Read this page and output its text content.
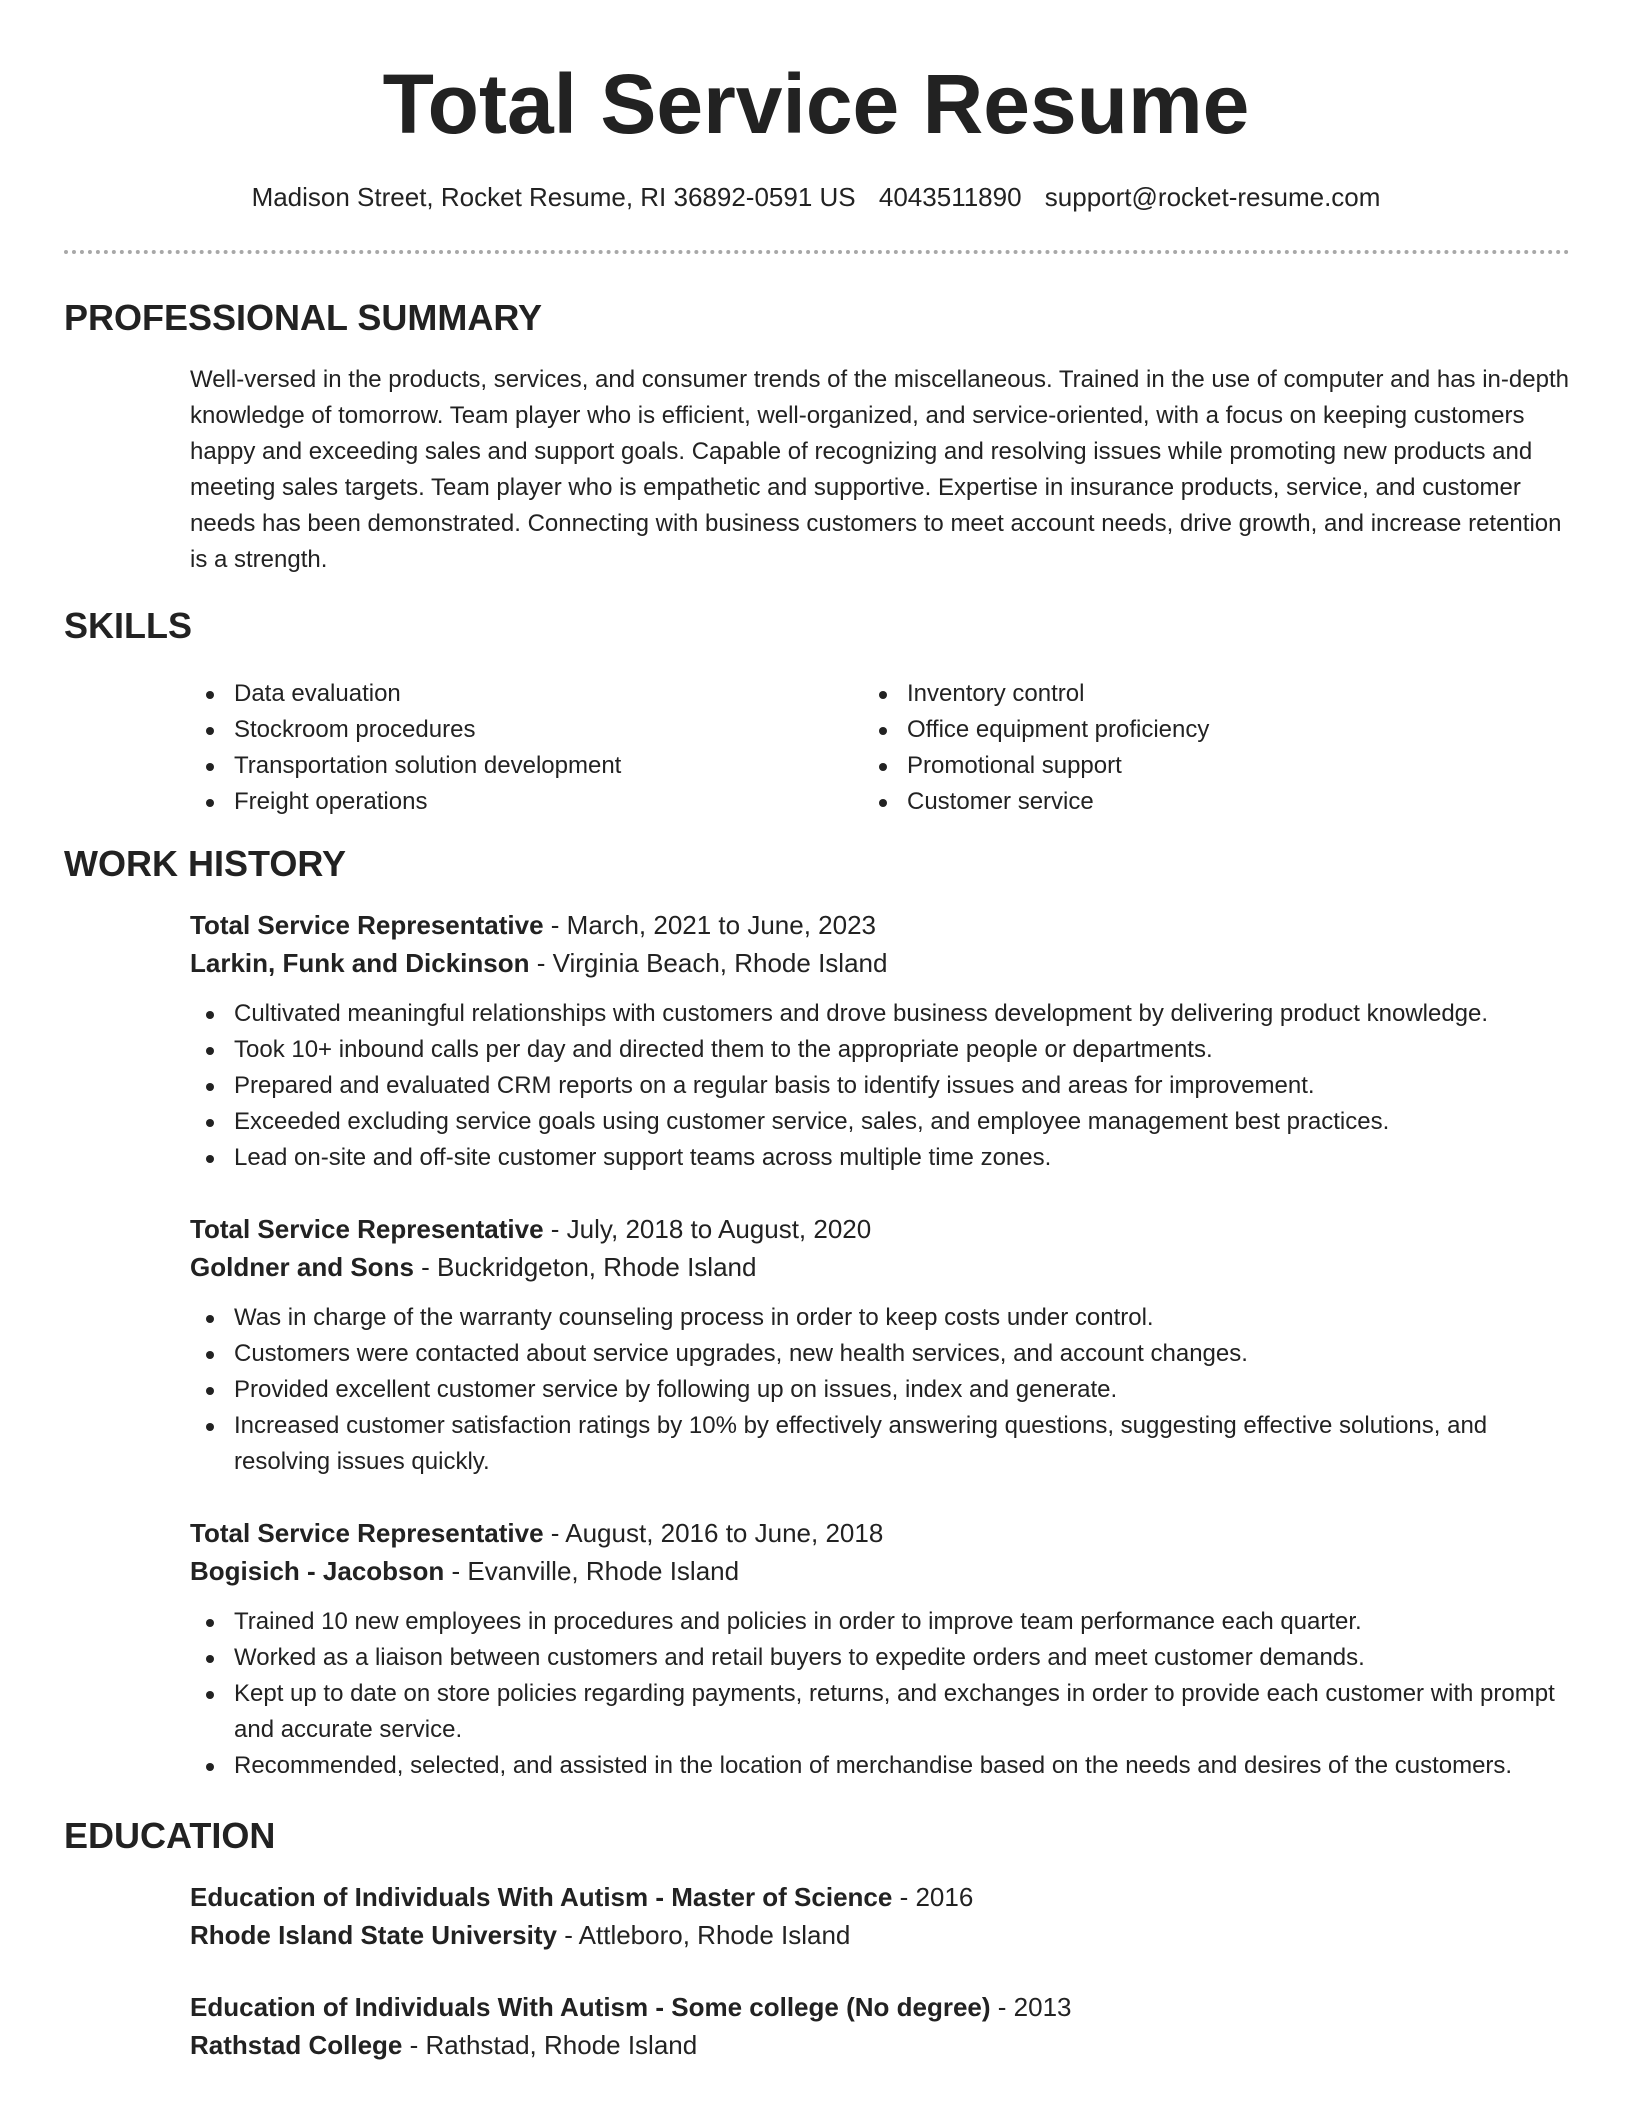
Total Service Resume
Madison Street, Rocket Resume, RI 36892-0591 US 4043511890 support@rocket-resume.com
PROFESSIONAL SUMMARY
Well-versed in the products, services, and consumer trends of the miscellaneous. Trained in the use of computer and has in-depth knowledge of tomorrow. Team player who is efficient, well-organized, and service-oriented, with a focus on keeping customers happy and exceeding sales and support goals. Capable of recognizing and resolving issues while promoting new products and meeting sales targets. Team player who is empathetic and supportive. Expertise in insurance products, service, and customer needs has been demonstrated. Connecting with business customers to meet account needs, drive growth, and increase retention is a strength.
SKILLS
Data evaluation
Stockroom procedures
Transportation solution development
Freight operations
Inventory control
Office equipment proficiency
Promotional support
Customer service
WORK HISTORY
Total Service Representative - March, 2021 to June, 2023
Larkin, Funk and Dickinson - Virginia Beach, Rhode Island
Cultivated meaningful relationships with customers and drove business development by delivering product knowledge.
Took 10+ inbound calls per day and directed them to the appropriate people or departments.
Prepared and evaluated CRM reports on a regular basis to identify issues and areas for improvement.
Exceeded excluding service goals using customer service, sales, and employee management best practices.
Lead on-site and off-site customer support teams across multiple time zones.
Total Service Representative - July, 2018 to August, 2020
Goldner and Sons - Buckridgeton, Rhode Island
Was in charge of the warranty counseling process in order to keep costs under control.
Customers were contacted about service upgrades, new health services, and account changes.
Provided excellent customer service by following up on issues, index and generate.
Increased customer satisfaction ratings by 10% by effectively answering questions, suggesting effective solutions, and resolving issues quickly.
Total Service Representative - August, 2016 to June, 2018
Bogisich - Jacobson - Evanville, Rhode Island
Trained 10 new employees in procedures and policies in order to improve team performance each quarter.
Worked as a liaison between customers and retail buyers to expedite orders and meet customer demands.
Kept up to date on store policies regarding payments, returns, and exchanges in order to provide each customer with prompt and accurate service.
Recommended, selected, and assisted in the location of merchandise based on the needs and desires of the customers.
EDUCATION
Education of Individuals With Autism - Master of Science - 2016
Rhode Island State University - Attleboro, Rhode Island
Education of Individuals With Autism - Some college (No degree) - 2013
Rathstad College - Rathstad, Rhode Island
